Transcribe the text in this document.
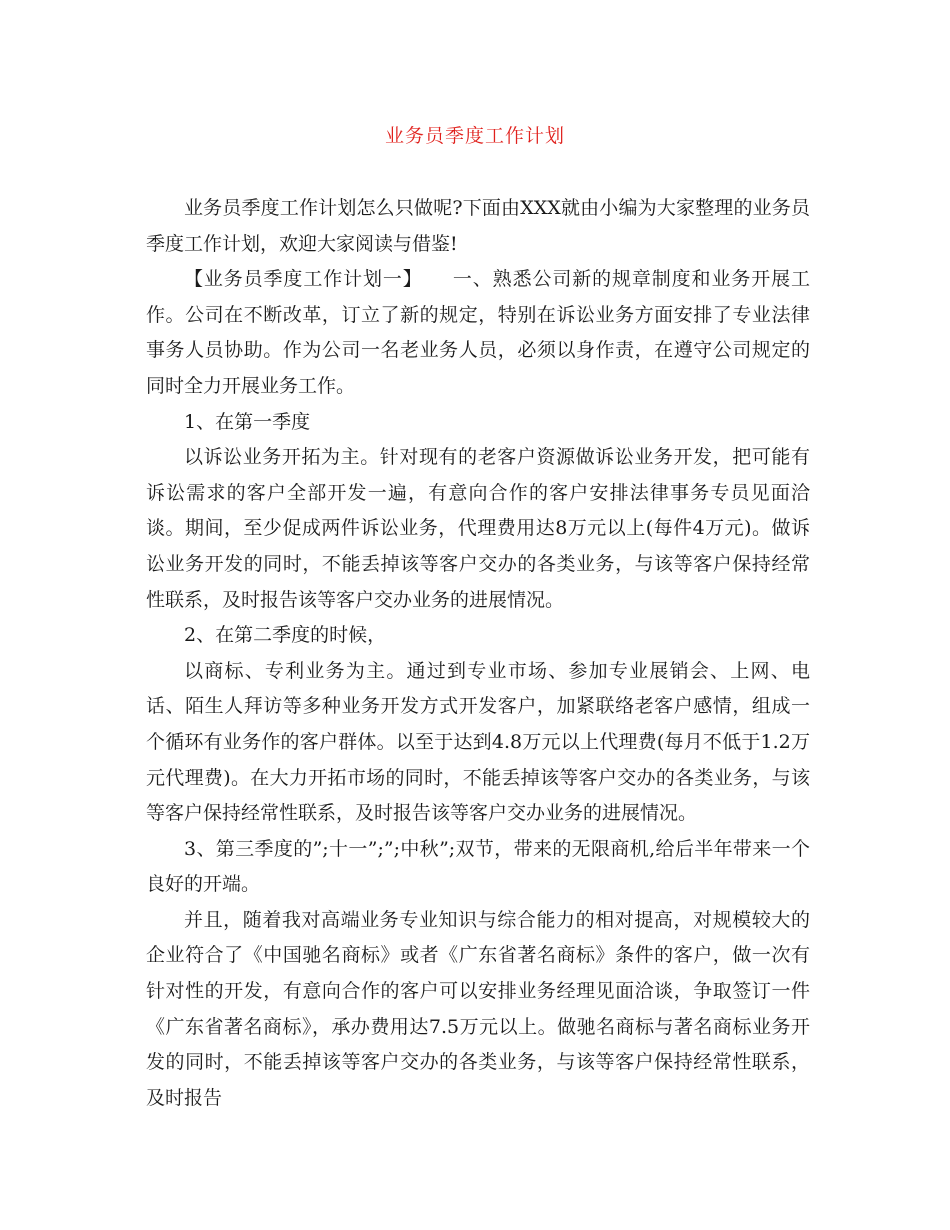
业务员季度工作计划

业务员季度工作计划怎么只做呢?下面由XXX就由小编为大家整理的业务员季度工作计划，欢迎大家阅读与借鉴!

【业务员季度工作计划一】　　一、熟悉公司新的规章制度和业务开展工作。公司在不断改革，订立了新的规定，特别在诉讼业务方面安排了专业法律事务人员协助。作为公司一名老业务人员，必须以身作责，在遵守公司规定的同时全力开展业务工作。

1、在第一季度

以诉讼业务开拓为主。针对现有的老客户资源做诉讼业务开发，把可能有诉讼需求的客户全部开发一遍，有意向合作的客户安排法律事务专员见面洽谈。期间，至少促成两件诉讼业务，代理费用达8万元以上(每件4万元)。做诉讼业务开发的同时，不能丢掉该等客户交办的各类业务，与该等客户保持经常性联系，及时报告该等客户交办业务的进展情况。

2、在第二季度的时候，

以商标、专利业务为主。通过到专业市场、参加专业展销会、上网、电话、陌生人拜访等多种业务开发方式开发客户，加紧联络老客户感情，组成一个循环有业务作的客户群体。以至于达到4.8万元以上代理费(每月不低于1.2万元代理费)。在大力开拓市场的同时，不能丢掉该等客户交办的各类业务，与该等客户保持经常性联系，及时报告该等客户交办业务的进展情况。

3、第三季度的”;十一”;”;中秋”;双节，带来的无限商机,给后半年带来一个良好的开端。

并且，随着我对高端业务专业知识与综合能力的相对提高，对规模较大的企业符合了《中国驰名商标》或者《广东省著名商标》条件的客户，做一次有针对性的开发，有意向合作的客户可以安排业务经理见面洽谈，争取签订一件《广东省著名商标》，承办费用达7.5万元以上。做驰名商标与著名商标业务开发的同时，不能丢掉该等客户交办的各类业务，与该等客户保持经常性联系，及时报告
